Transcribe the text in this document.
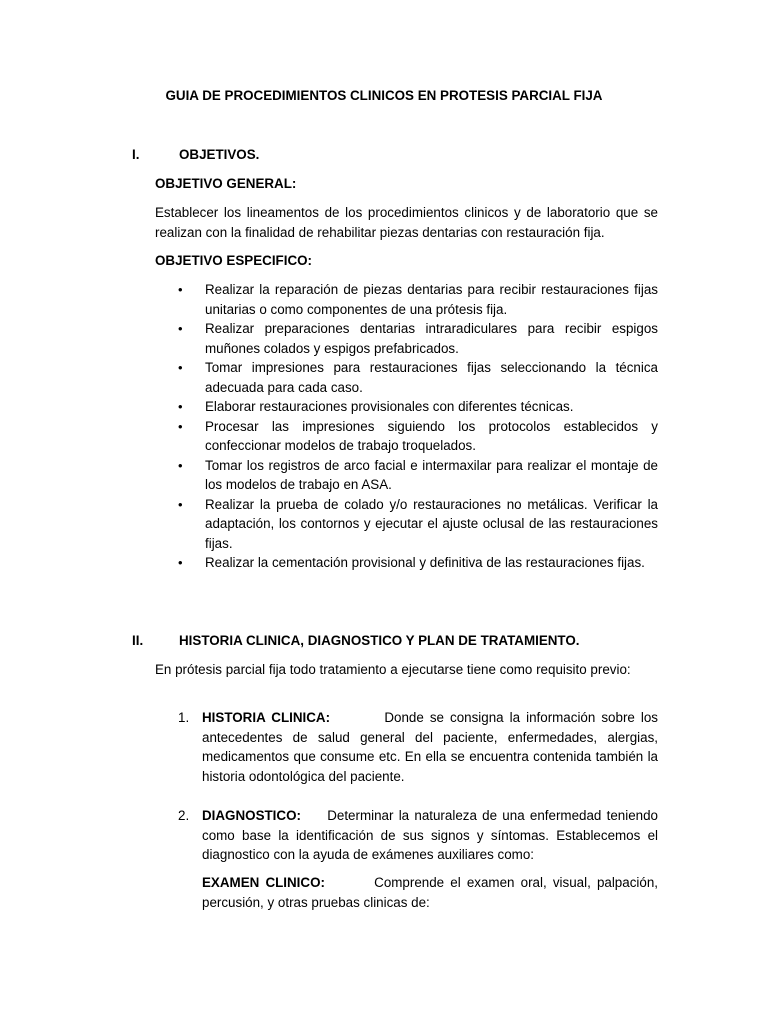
GUIA DE PROCEDIMIENTOS CLINICOS EN PROTESIS PARCIAL FIJA
I.	OBJETIVOS.
OBJETIVO GENERAL:
Establecer los lineamentos de los procedimientos clinicos y de laboratorio que se realizan con la finalidad de rehabilitar piezas dentarias con restauración fija.
OBJETIVO ESPECIFICO:
• Realizar la reparación de piezas dentarias para recibir restauraciones fijas unitarias o como componentes de una prótesis fija.
• Realizar preparaciones dentarias intraradiculares para recibir espigos muñones colados y espigos prefabricados.
• Tomar impresiones para restauraciones fijas seleccionando la técnica adecuada para cada caso.
• Elaborar restauraciones provisionales con diferentes técnicas.
• Procesar las impresiones siguiendo los protocolos establecidos y confeccionar modelos de trabajo troquelados.
• Tomar los registros de arco facial e intermaxilar para realizar el montaje de los modelos de trabajo en ASA.
• Realizar la prueba de colado y/o restauraciones no metálicas. Verificar la adaptación, los contornos y ejecutar el ajuste oclusal de las restauraciones fijas.
• Realizar la cementación provisional y definitiva de las restauraciones fijas.
II.	HISTORIA CLINICA, DIAGNOSTICO Y PLAN DE TRATAMIENTO.
En prótesis parcial fija todo tratamiento a ejecutarse tiene como requisito previo:
1. HISTORIA CLINICA:	Donde se consigna la información sobre los antecedentes de salud general del paciente, enfermedades, alergias, medicamentos que consume etc. En ella se encuentra contenida también la historia odontológica del paciente.
2. DIAGNOSTICO: Determinar la naturaleza de una enfermedad teniendo como base la identificación de sus signos y síntomas. Establecemos el diagnostico con la ayuda de exámenes auxiliares como:
EXAMEN CLINICO:	Comprende el examen oral, visual, palpación, percusión, y otras pruebas clinicas de:
